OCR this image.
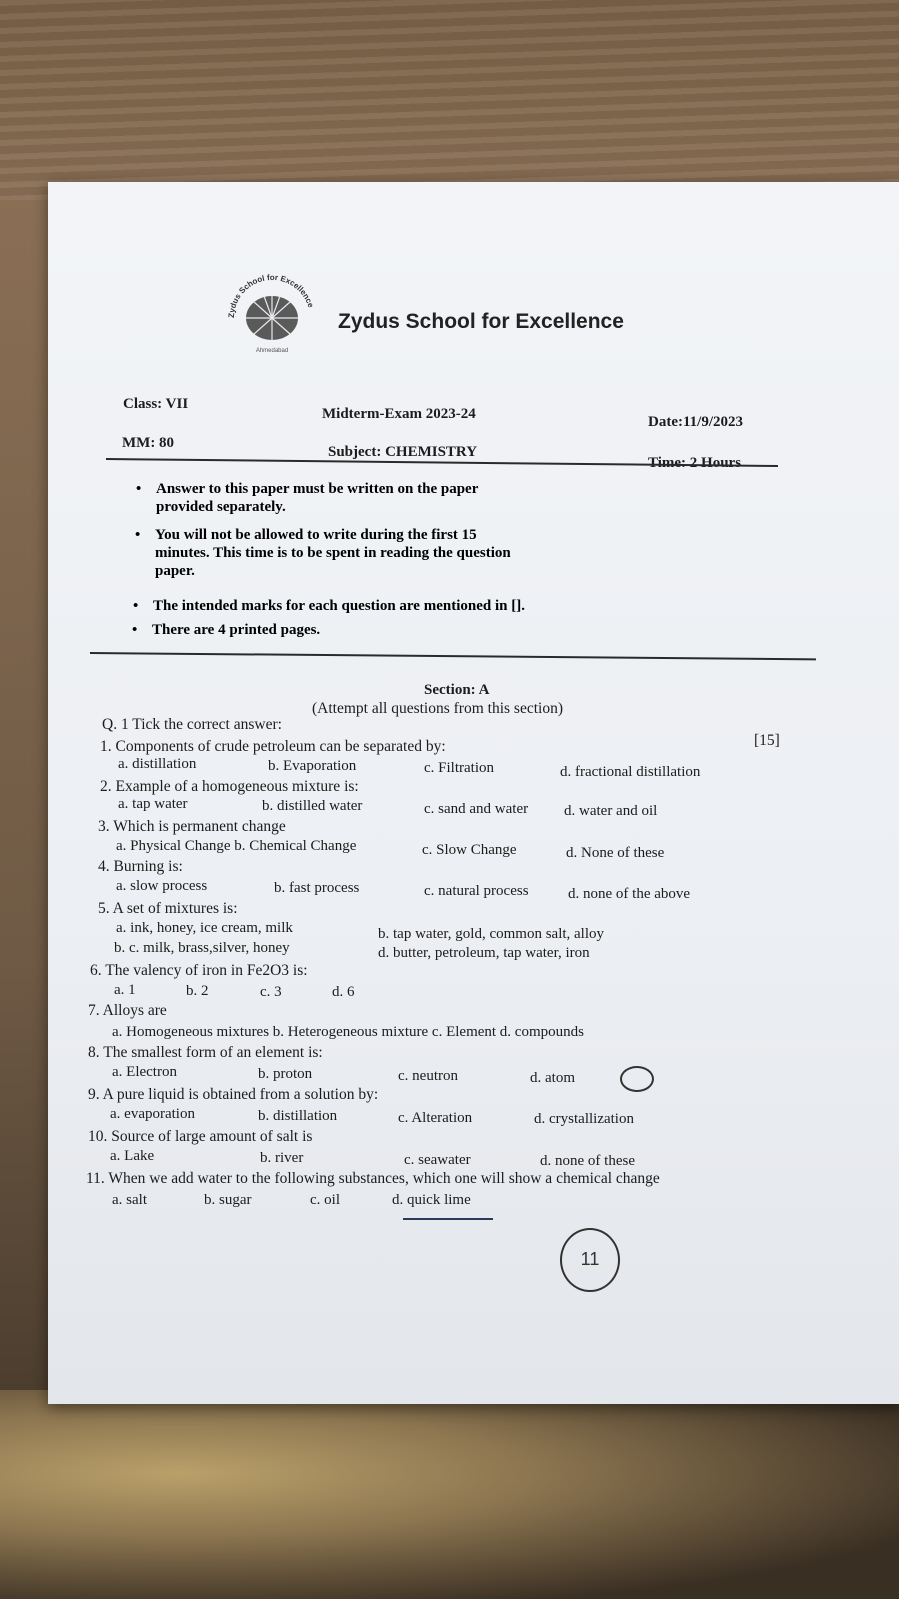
Zydus School for Excellence
Ahmedabad
Zydus School for Excellence
Class: VII
Midterm-Exam 2023-24	Date:11/9/2023
MM: 80
Subject: CHEMISTRY
Time: 2 Hours
• Answer to this paper must be written on the paper
provided separately.
• You will not be allowed to write during the first 15
minutes. This time is to be spent in reading the question
paper.
• The intended marks for each question are mentioned in [].
• There are 4 printed pages.
Section: A
(Attempt all questions from this section)
Q. 1 Tick the correct answer:
[15]
1. Components of crude petroleum can be separated by:
a. distillation	b. Evaporation	c. Filtration	d. fractional distillation
2. Example of a homogeneous mixture is:
a. tap water	b. distilled water	c. sand and water d. water and oil
3. Which is permanent change
a. Physical Change b. Chemical Change	c. Slow Change	d. None of these
4. Burning is:
a. slow process	b. fast process	c. natural process	d. none of the above
5. A set of mixtures is:
a. ink, honey, ice cream, milk	b. tap water, gold, common salt, alloy
b. c. milk, brass,silver, honey	d. butter, petroleum, tap water, iron
6. The valency of iron in Fe2O3 is:
a. 1	b. 2	c. 3	d. 6
7. Alloys are
a. Homogeneous mixtures b. Heterogeneous mixture c. Element d. compounds
8. The smallest form of an element is:
a. Electron	b. proton	c. neutron	d. atom
9. A pure liquid is obtained from a solution by:
a. evaporation	b. distillation	c. Alteration	d. crystallization
10. Source of large amount of salt is
a. Lake	b. river	c. seawater	d. none of these
11. When we add water to the following substances, which one will show a chemical change
a. salt	b. sugar	c. oil	d. quick lime
11
